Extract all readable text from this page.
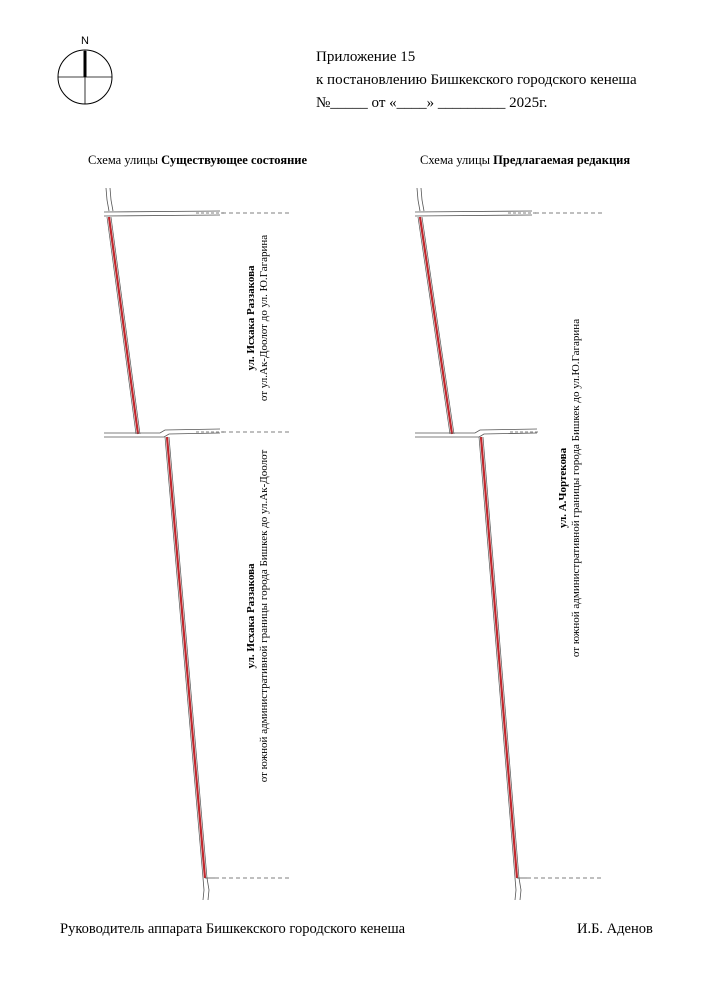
Приложение 15
к постановлению Бишкекского городского кенеша
№_____ от «____» _________ 2025г.
N
Схема улицы Существующее состояние	Схема улицы Предлагаемая редакция
ул. Исхака Раззакова от ул.Ак-Доолот до ул. Ю.Гагарина
ул. Исхака Раззакова от южной административной границы города Бишкек до ул.Ак-Доолот	ул. А.Чортекова от южной административной границы города Бишкек до ул.Ю.Гагарина
Руководитель аппарата Бишкекского городского кенеша	И.Б. Аденов
